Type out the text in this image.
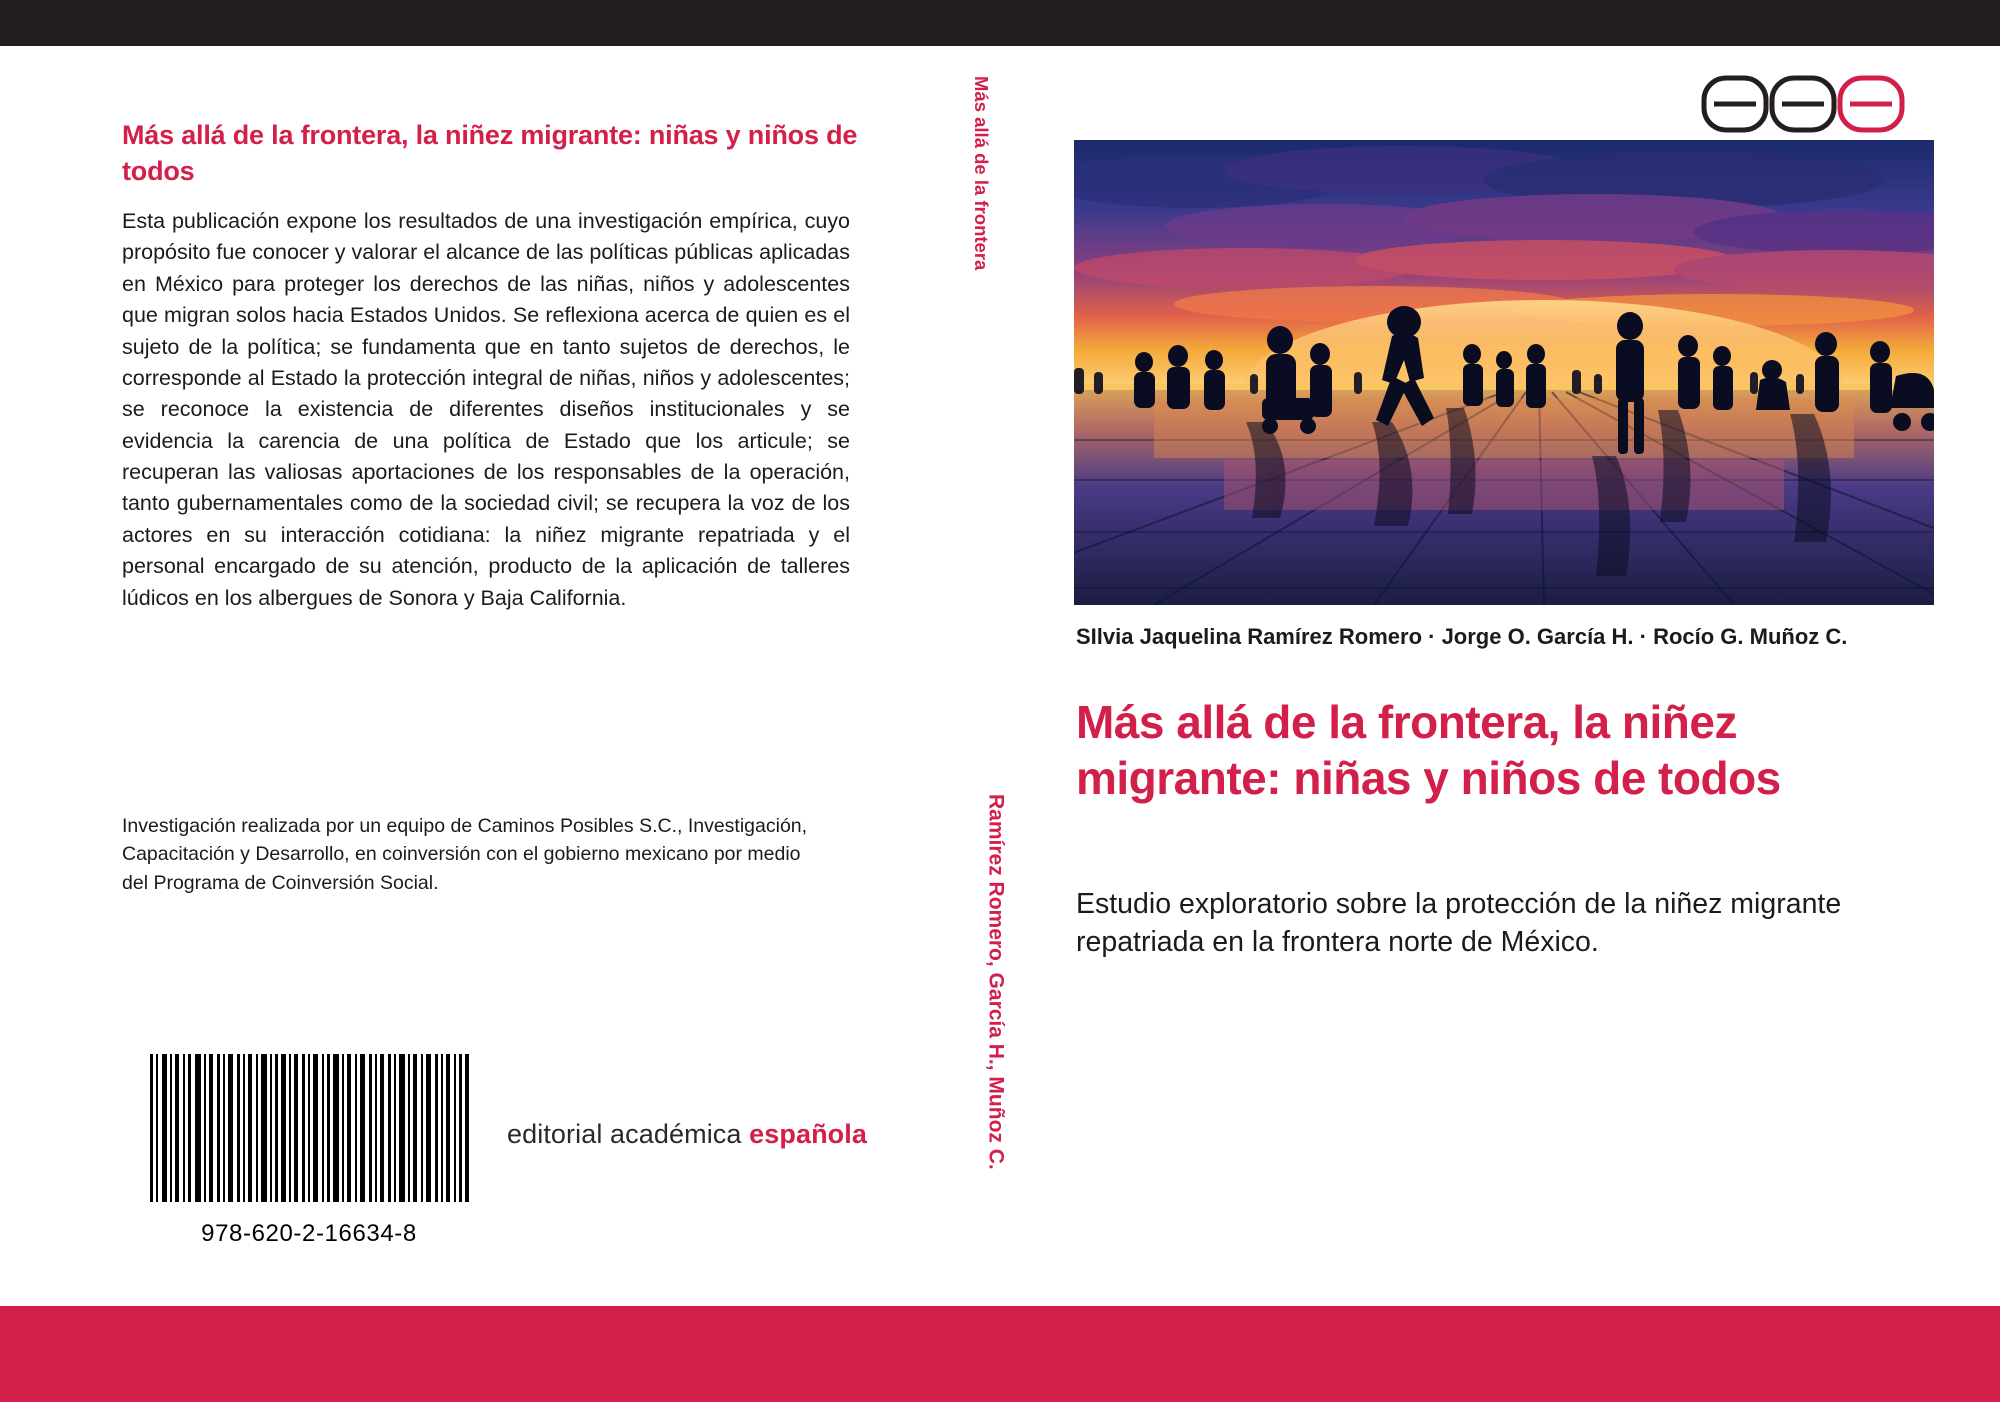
Más allá de la frontera, la niñez migrante: niñas y niños de todos
Esta publicación expone los resultados de una investigación empírica, cuyo propósito fue conocer y valorar el alcance de las políticas públicas aplicadas en México para proteger los derechos de las niñas, niños y adolescentes que migran solos hacia Estados Unidos. Se reflexiona acerca de quien es el sujeto de la política; se fundamenta que en tanto sujetos de derechos, le corresponde al Estado la protección integral de niñas, niños y adolescentes; se reconoce la existencia de diferentes diseños institucionales y se evidencia la carencia de una política de Estado que los articule; se recuperan las valiosas aportaciones de los responsables de la operación, tanto gubernamentales como de la sociedad civil; se recupera la voz de los actores en su interacción cotidiana: la niñez migrante repatriada y el personal encargado de su atención, producto de la aplicación de talleres lúdicos en los albergues de Sonora y Baja California.
Investigación realizada por un equipo de Caminos Posibles S.C., Investigación, Capacitación y Desarrollo, en coinversión con el gobierno mexicano por medio del Programa de Coinversión Social.
978-620-2-16634-8
editorial académica española
Más allá de la frontera
Ramírez Romero, García H., Muñoz C.
SIlvia Jaquelina Ramírez Romero · Jorge O. García H. · Rocío G. Muñoz C.
Más allá de la frontera, la niñez migrante: niñas y niños de todos
Estudio exploratorio sobre la protección de la niñez migrante repatriada en la frontera norte de México.
